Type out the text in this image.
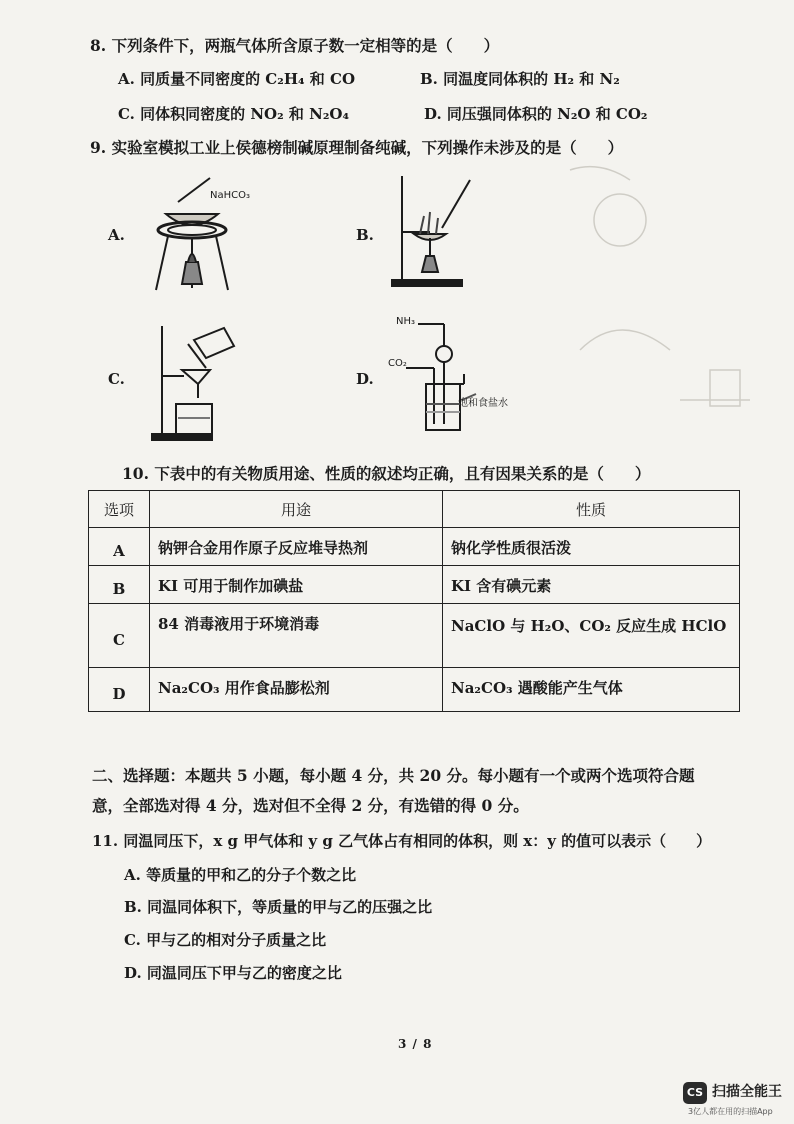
8. 下列条件下，两瓶气体所含原子数一定相等的是（　　）
A. 同质量不同密度的 C₂H₄ 和 CO	B. 同温度同体积的 H₂ 和 N₂
C. 同体积同密度的 NO₂ 和 N₂O₄	D. 同压强同体积的 N₂O 和 CO₂
9. 实验室模拟工业上侯德榜制碱原理制备纯碱，下列操作未涉及的是（　　）
A.
NaHCO₃
B.
C.	D.
NH₃
CO₂
饱和食盐水
10. 下表中的有关物质用途、性质的叙述均正确，且有因果关系的是（　　）
选项	用途	性质
A	钠钾合金用作原子反应堆导热剂	钠化学性质很活泼
B	KI 可用于制作加碘盐	KI 含有碘元素
C	84 消毒液用于环境消毒	NaClO 与 H₂O、CO₂ 反应生成 HClO
D	Na₂CO₃ 用作食品膨松剂	Na₂CO₃ 遇酸能产生气体
二、选择题：本题共 5 小题，每小题 4 分，共 20 分。每小题有一个或两个选项符合题
意，全部选对得 4 分，选对但不全得 2 分，有选错的得 0 分。
11. 同温同压下，x g 甲气体和 y g 乙气体占有相同的体积，则 x：y 的值可以表示（　　）
A. 等质量的甲和乙的分子个数之比
B. 同温同体积下，等质量的甲与乙的压强之比
C. 甲与乙的相对分子质量之比
D. 同温同压下甲与乙的密度之比
3 / 8
CS 扫描全能王
3亿人都在用的扫描App
